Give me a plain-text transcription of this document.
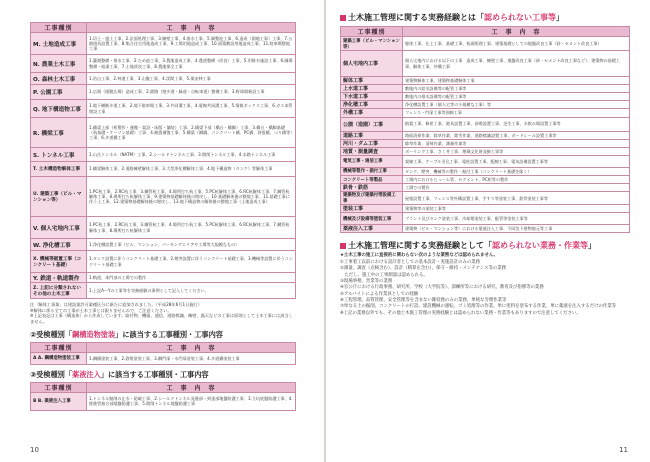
工事種別	工　事　内　容
M. 土地造成工事	1.切土・盛土工事、2.法面処理工事、3.擁壁工事、4.排水工事、5.調整池工事、6.造成（園地工事）工事、7.公園遊具設置工事、8.集合住宅用地造成工事、9.工場用地造成工事、10.面築敷設用地造成工事、11.駐車場整地工事
N. 農業土木工事	1.灌漑整備・排水工事、2.ため池工事、3.農地造成工事、4.農道整備（改良）工事、5.用排水施設工事、6.圃場整備・暗渠工事、7.土地改良工事、8.農地保全工事
O. 森林土木工事	1.治山工事、2.林道工事、3.山腹工事、4.渓間工事、5.保安林工事
P. 公園工事	1.広場（運動広場）造成工事、2.園路（遊歩道・緑道・自転車道）整備工事、3.野球場新設工事
Q. 地下構造物工事	1.地下横断歩道工事、2.地下駐車場工事、3.共同溝工事、4.電線共同溝工事、5.情報ボックス工事、6.ガス本管埋設工事
R. 橋梁工事	1.橋梁上部（桁製作・運搬・架設・床版・舗装）工事、2.橋梁下部（橋台・橋脚）工事、3.橋台・橋脚基礎（杭基礎・ケーソン基礎）工事、4.耐震補強工事、5.橋梁（鋼橋、コンクリート橋、PC橋、斜張橋、つり橋等）工事、6.歩道橋工事
S. トンネル工事	1.山岳トンネル（NATM）工事、2.シールドトンネル工事、3.開削トンネル工事、4.水路トンネル工事
T. 土木構造物解体工事	1.橋梁解体工事、2.道路擁壁解体工事、3.大型浄化槽解体工事、4.地下構造物（タンク）等解体工事
U. 建築工事（ビル・マンション等）	1.PC杭工事、2.RC杭工事、3.鋼管杭工事、4.場所打ち杭工事、5.PC杭解体工事、6.RC杭解体工事、7.鋼管杭解体工事、8.場所打ち杭解体工事、9.建築物基礎解体後の埋戻し、10.基礎解体後の整地工事、11.基礎工事に伴う土工事、12.建築物基礎解体後の埋戻し、13.地下構造物の解体後の整地工事（土地造成工事）
V. 個人宅地内工事	1.PC杭工事、2.RC杭工事、3.鋼管杭工事、4.場所打ち杭工事、5.PC杭解体工事、6.RC杭解体工事、7.鋼管杭解体工事、8.場所打ち杭解体工事
W. 浄化槽工事	1.浄化槽設置工事（ビル、マンション、パーキングエリアや工場等大規模なもの）
X. 機械等据置工事（コンクリート基礎）	1.タンク設置に伴うコンクリート基礎工事、2.煙突設置に伴うコンクリート基礎工事、3.機械等設置に伴うコンクリート基礎工事
Y. 鉄道・軌道製作	1.軌道、本門部の工場での製作
Z. 上記に分類されないその他の土木工事	1.上記A〜Yの工事等を実務経験の事例として記入してください。
注「解体工事業」は建設業許可業種区分に新たに追加されました。（平成28年6月1日施行）
※解体に係る全ての工事が土木工事とは限りませんので、ご注意ください。
※上記表記は工事（構造体）から作成しています。取付物、機器、通信、道路標識、擁壁、露天などの工事は原則として土木工事には該当しません。
②受検種別「 鋼構造物塗装 」に該当する工事種別・工事内容
工事種別	工　事　内　容
A A. 鋼構造物塗装工事	1.鋼橋塗装工事、2.鉄塔塗装工事、3.鋼門扉・水門扉塗装工事、4.歩道橋塗装工事
③受検種別「 薬液注入 」に該当する工事種別・工事内容
工事種別	工　事　内　容
B B. 薬液注入工事	1.トンネル掘削の止水・防破工事、2.シールドトンネル発進部・到達部地盤防護工事、3.立坑底盤防護工事、4.推進管接合部地盤防護工事、5.開削トンネル地盤防護工事
10
土木施工管理に関する実務経験とは「 認められない工事等 」
工事種別	工　事　内　容
建築工事（ビル・マンション等）	躯体工事、仕上工事、基礎工事、杭頭処理工事、建築基礎としての地盤改良工事（砂・セメント改良工事）
個人宅地内工事	個人宅地内における以下の工事　造成工事、擁壁工事、地盤改良工事（砂・セメント改良工事など）、建築物の基礎工事、解体工事、外構工事
解体工事	建築物解体工事、建築物基礎解体工事
上水道工事	敷地内の給水設備等の配管工事等
下水道工事	敷地内の排水設備等の配管工事等
浄化槽工事	浄化槽設置工事（個人宅等の小規模な工事）等
外構工事	フェンス・門扉工事等囲障工事
公園（造園）工事	植栽工事、修景工事、遊具設置工事、砂場設置工事、芝生工事、水飲み場設置工事等
道路工事	路面清掃作業、除草作業、除雪作業、道路標識設置工事、ガードレール設置工事等
河川・ダム工事	除草作業、清掃作業、測量作業等
地質・測量調査	ボーリング工事、さく井工事、埋蔵文化財発掘工事等
電気工事・通信工事	架線工事、ケーブル引込工事、電柱設置工事、配線工事、電気設備設置工事等
機械等製作・据付工事	タンク、煙突、機械等の製作・据付工事（コンクリート基礎を除く）
コンクリート等製品	工場内におけるヒューム管、セグメント、PC桁等の製作
鉄骨・鉄筋	工場での製作
建築物及び建築付帯設備工事	屋根設置工事、フェンス等外構設置工事、手すり等塗装工事、鉄骨塗装工事等
塗装工事	建築物等の塗装工事等
機械及び設備等塗装工事	プラント及びタンク塗装工事、冷却塔塗装工事、配管等塗装工事等
薬液注入工事	建築物（ビル・マンション等）における薬液注入工事、不同沈下建物復元等工事
土木施工管理に関する実務経験として「 認められない業務・作業等 」
★土木工事の施工に直接的に関わらない次のような業務などは認められません。
①工事着工以前における設計者としての基本設計・実施設計のみの業務
②測量、調査（点検含む）、設計（積算を含む）、保守・維持・メンテナンス等の業務
　ただし、施工中の工事測量は認められる。
③現場事務、営業等の業務
④官公庁における行政事務、研究所、学校（大学院等）、訓練所等における研究、教育及び指導等の業務
⑤アルバイトによる作業員としての経験
⑥工程管理、品質管理、安全管理等を含まない雑役務のみの業務、単純な労務作業等
⑦単なる土の掘削、コンクリートの打設、建設機械の運転、ゴミ処理等の作業、単に塗料を塗布する作業、単に薬液を注入するだけの作業等
※上記の業務以外でも、その他土木施工管理の実務経験とは認められない業務・作業等もありますので注意してください。
11
